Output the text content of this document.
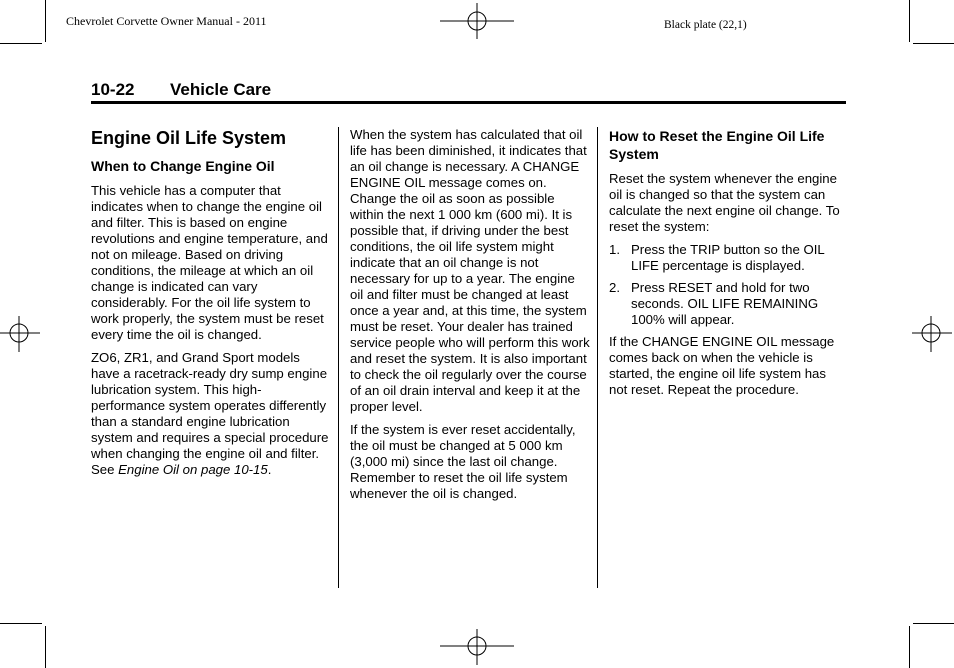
Chevrolet Corvette Owner Manual - 2011	Black plate (22,1)
10-22 Vehicle Care
Engine Oil Life System
When to Change Engine Oil

This vehicle has a computer that indicates when to change the engine oil and filter. This is based on engine revolutions and engine temperature, and not on mileage. Based on driving conditions, the mileage at which an oil change is indicated can vary considerably. For the oil life system to work properly, the system must be reset every time the oil is changed.

ZO6, ZR1, and Grand Sport models have a racetrack-ready dry sump engine lubrication system. This high-performance system operates differently than a standard engine lubrication system and requires a special procedure when changing the engine oil and filter. See Engine Oil on page 10-15.

When the system has calculated that oil life has been diminished, it indicates that an oil change is necessary. A CHANGE ENGINE OIL message comes on. Change the oil as soon as possible within the next 1 000 km (600 mi). It is possible that, if driving under the best conditions, the oil life system might indicate that an oil change is not necessary for up to a year. The engine oil and filter must be changed at least once a year and, at this time, the system must be reset. Your dealer has trained service people who will perform this work and reset the system. It is also important to check the oil regularly over the course of an oil drain interval and keep it at the proper level.

If the system is ever reset accidentally, the oil must be changed at 5 000 km (3,000 mi) since the last oil change. Remember to reset the oil life system whenever the oil is changed.

How to Reset the Engine Oil Life System

Reset the system whenever the engine oil is changed so that the system can calculate the next engine oil change. To reset the system:

1. Press the TRIP button so the OIL LIFE percentage is displayed.
2. Press RESET and hold for two seconds. OIL LIFE REMAINING 100% will appear.

If the CHANGE ENGINE OIL message comes back on when the vehicle is started, the engine oil life system has not reset. Repeat the procedure.
